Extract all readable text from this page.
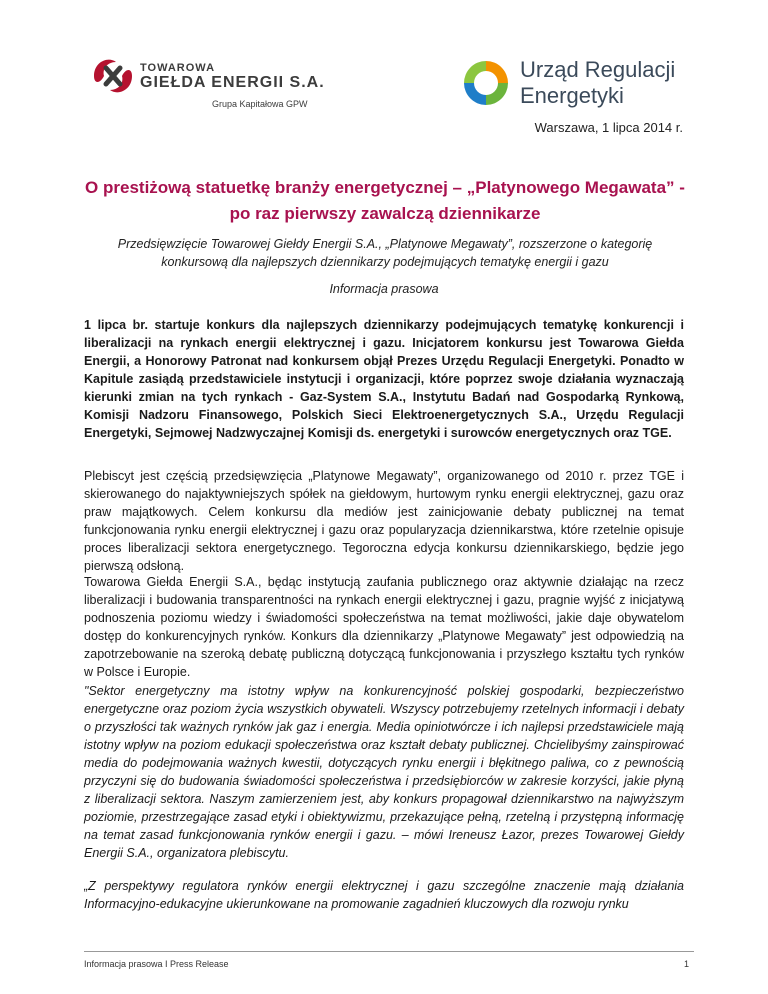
TOWAROWA
GIEŁDA ENERGII S.A.
Grupa Kapitałowa GPW
Urząd Regulacji
Energetyki
Warszawa, 1 lipca 2014 r.
O prestiżową statuetkę branży energetycznej – „Platynowego Megawata” -
po raz pierwszy zawalczą dziennikarze
Przedsięwzięcie Towarowej Giełdy Energii S.A., „Platynowe Megawaty”, rozszerzone o kategorię konkursową dla najlepszych dziennikarzy podejmujących tematykę energii i gazu
Informacja prasowa
1 lipca br. startuje konkurs dla najlepszych dziennikarzy podejmujących tematykę konkurencji i liberalizacji na rynkach energii elektrycznej i gazu. Inicjatorem konkursu jest Towarowa Giełda Energii, a Honorowy Patronat nad konkursem objął Prezes Urzędu Regulacji Energetyki. Ponadto w Kapitule zasiądą przedstawiciele instytucji i organizacji, które poprzez swoje działania wyznaczają kierunki zmian na tych rynkach - Gaz-System S.A., Instytutu Badań nad Gospodarką Rynkową, Komisji Nadzoru Finansowego, Polskich Sieci Elektroenergetycznych S.A., Urzędu Regulacji Energetyki, Sejmowej Nadzwyczajnej Komisji ds. energetyki i surowców energetycznych oraz TGE.
Plebiscyt jest częścią przedsięwzięcia „Platynowe Megawaty”, organizowanego od 2010 r. przez TGE i skierowanego do najaktywniejszych spółek na giełdowym, hurtowym rynku energii elektrycznej, gazu oraz praw majątkowych. Celem konkursu dla mediów jest zainicjowanie debaty publicznej na temat funkcjonowania rynku energii elektrycznej i gazu oraz popularyzacja dziennikarstwa, które rzetelnie opisuje proces liberalizacji sektora energetycznego. Tegoroczna edycja konkursu dziennikarskiego, będzie jego pierwszą odsłoną.
Towarowa Giełda Energii S.A., będąc instytucją zaufania publicznego oraz aktywnie działając na rzecz liberalizacji i budowania transparentności na rynkach energii elektrycznej i gazu, pragnie wyjść z inicjatywą podnoszenia poziomu wiedzy i świadomości społeczeństwa na temat możliwości, jakie daje obywatelom dostęp do konkurencyjnych rynków. Konkurs dla dziennikarzy „Platynowe Megawaty” jest odpowiedzią na zapotrzebowanie na szeroką debatę publiczną dotyczącą funkcjonowania i przyszłego kształtu tych rynków w Polsce i Europie.
"Sektor energetyczny ma istotny wpływ na konkurencyjność polskiej gospodarki, bezpieczeństwo energetyczne oraz poziom życia wszystkich obywateli. Wszyscy potrzebujemy rzetelnych informacji i debaty o przyszłości tak ważnych rynków jak gaz i energia. Media opiniotwórcze i ich najlepsi przedstawiciele mają istotny wpływ na poziom edukacji społeczeństwa oraz kształt debaty publicznej. Chcielibyśmy zainspirować media do podejmowania ważnych kwestii, dotyczących rynku energii i błękitnego paliwa, co z pewnością przyczyni się do budowania świadomości społeczeństwa i przedsiębiorców w zakresie korzyści, jakie płyną z liberalizacji sektora. Naszym zamierzeniem jest, aby konkurs propagował dziennikarstwo na najwyższym poziomie, przestrzegające zasad etyki i obiektywizmu, przekazujące pełną, rzetelną i przystępną informację na temat zasad funkcjonowania rynków energii i gazu. – mówi Ireneusz Łazor, prezes Towarowej Giełdy Energii S.A., organizatora plebiscytu.
„Z perspektywy regulatora rynków energii elektrycznej i gazu szczególne znaczenie mają działania Informacyjno-edukacyjne ukierunkowane na promowanie zagadnień kluczowych dla rozwoju rynku
Informacja prasowa I Press Release	1
